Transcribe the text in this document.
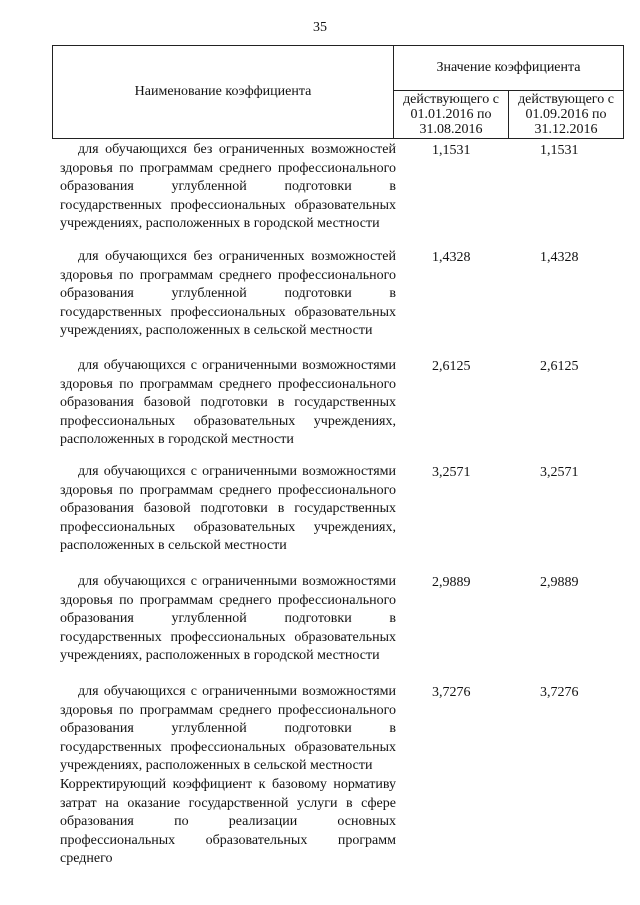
35
Наименование коэффициента
Значение коэффициента
действующего с 01.01.2016 по 31.08.2016
действующего с 01.09.2016 по 31.12.2016
для обучающихся без ограниченных возможностей здоровья по программам среднего профессионального образования углубленной подготовки в государственных профессиональных образовательных учреждениях, расположенных в городской местности
1,1531	1,1531
для обучающихся без ограниченных возможностей здоровья по программам среднего профессионального образования углубленной подготовки в государственных профессиональных образовательных учреждениях, расположенных в сельской местности
1,4328	1,4328
для обучающихся с ограниченными возможностями здоровья по программам среднего профессионального образования базовой подготовки в государственных профессиональных образовательных учреждениях, расположенных в городской местности
2,6125	2,6125
для обучающихся с ограниченными возможностями здоровья по программам среднего профессионального образования базовой подготовки в государственных профессиональных образовательных учреждениях, расположенных в сельской местности
3,2571	3,2571
для обучающихся с ограниченными возможностями здоровья по программам среднего профессионального образования углубленной подготовки в государственных профессиональных образовательных учреждениях, расположенных в городской местности
2,9889	2,9889
для обучающихся с ограниченными возможностями здоровья по программам среднего профессионального образования углубленной подготовки в государственных профессиональных образовательных учреждениях, расположенных в сельской местности
3,7276	3,7276
Корректирующий коэффициент к базовому нормативу затрат на оказание государственной услуги в сфере образования по реализации основных профессиональных образовательных программ среднего
